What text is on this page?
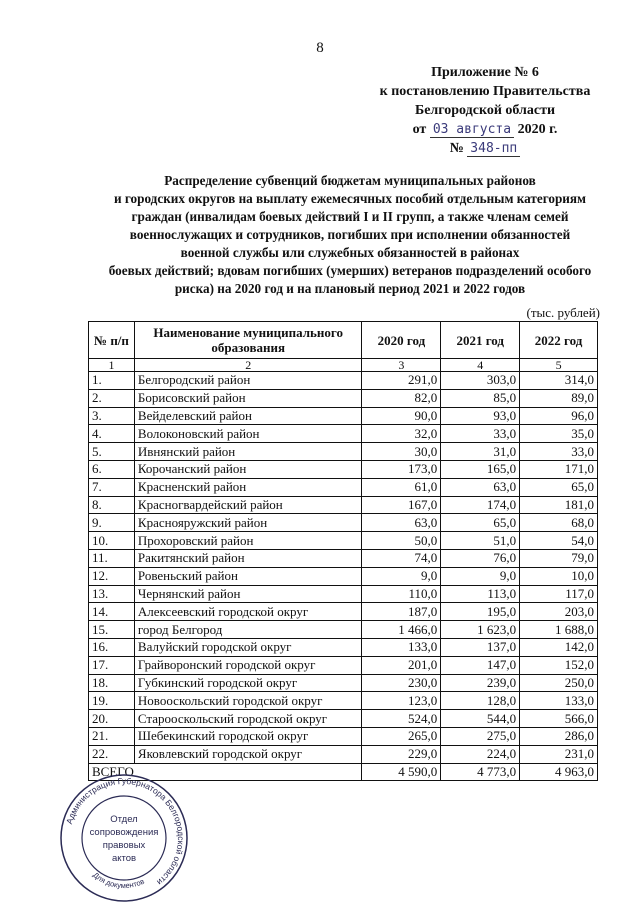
8
Приложение № 6
к постановлению Правительства
Белгородской области
от 03 августа 2020 г.
№ 348-пп
Распределение субвенций бюджетам муниципальных районов
и городских округов на выплату ежемесячных пособий отдельным категориям
граждан (инвалидам боевых действий I и II групп, а также членам семей
военнослужащих и сотрудников, погибших при исполнении обязанностей
военной службы или служебных обязанностей в районах
боевых действий; вдовам погибших (умерших) ветеранов подразделений особого
риска) на 2020 год и на плановый период 2021 и 2022 годов
(тыс. рублей)
№ п/п	Наименование муниципального образования	2020 год	2021 год	2022 год
1	2	3	4	5
1.	Белгородский район	291,0	303,0	314,0
2.	Борисовский район	82,0	85,0	89,0
3.	Вейделевский район	90,0	93,0	96,0
4.	Волоконовский район	32,0	33,0	35,0
5.	Ивнянский район	30,0	31,0	33,0
6.	Корочанский район	173,0	165,0	171,0
7.	Красненский район	61,0	63,0	65,0
8.	Красногвардейский район	167,0	174,0	181,0
9.	Краснояружский район	63,0	65,0	68,0
10.	Прохоровский район	50,0	51,0	54,0
11.	Ракитянский район	74,0	76,0	79,0
12.	Ровеньский район	9,0	9,0	10,0
13.	Чернянский район	110,0	113,0	117,0
14.	Алексеевский городской округ	187,0	195,0	203,0
15.	город Белгород	1 466,0	1 623,0	1 688,0
16.	Валуйский городской округ	133,0	137,0	142,0
17.	Грайворонский городской округ	201,0	147,0	152,0
18.	Губкинский городской округ	230,0	239,0	250,0
19.	Новооскольский городской округ	123,0	128,0	133,0
20.	Старооскольский городской округ	524,0	544,0	566,0
21.	Шебекинский городской округ	265,0	275,0	286,0
22.	Яковлевский городской округ	229,0	224,0	231,0
ВСЕГО		4 590,0	4 773,0	4 963,0
Администрация Губернатора Белгородской области
Для документов
Отдел
сопровождения
правовых
актов
